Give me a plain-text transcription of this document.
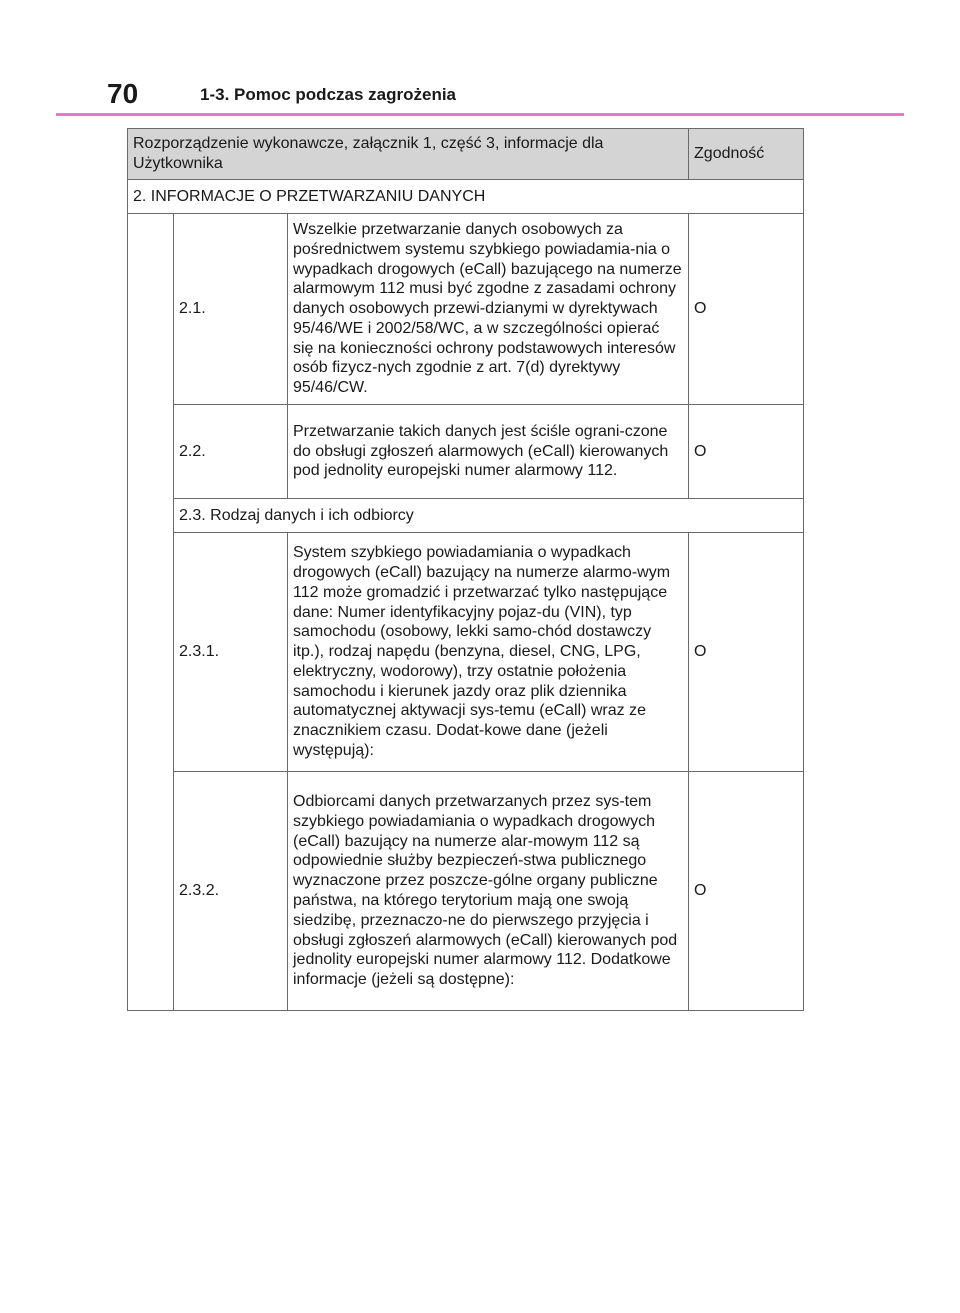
70	1-3. Pomoc podczas zagrożenia
Rozporządzenie wykonawcze, załącznik 1, część 3, informacje dla Użytkownika			Zgodność
2. INFORMACJE O PRZETWARZANIU DANYCH			
	2.1.	Wszelkie przetwarzanie danych osobowych za pośrednictwem systemu szybkiego powiadamia-nia o wypadkach drogowych (eCall) bazującego na numerze alarmowym 112 musi być zgodne z zasadami ochrony danych osobowych przewi-dzianymi w dyrektywach 95/46/WE i 2002/58/WC, a w szczególności opierać się na konieczności ochrony podstawowych interesów osób fizycz-nych zgodnie z art. 7(d) dyrektywy 95/46/CW.	O
	2.2.	Przetwarzanie takich danych jest ściśle ograni-czone do obsługi zgłoszeń alarmowych (eCall) kierowanych pod jednolity europejski numer alarmowy 112.	O
	2.3. Rodzaj danych i ich odbiorcy		
	2.3.1.	System szybkiego powiadamiania o wypadkach drogowych (eCall) bazujący na numerze alarmo-wym 112 może gromadzić i przetwarzać tylko następujące dane: Numer identyfikacyjny pojaz-du (VIN), typ samochodu (osobowy, lekki samo-chód dostawczy itp.), rodzaj napędu (benzyna, diesel, CNG, LPG, elektryczny, wodorowy), trzy ostatnie położenia samochodu i kierunek jazdy oraz plik dziennika automatycznej aktywacji sys-temu (eCall) wraz ze znacznikiem czasu. Dodat-kowe dane (jeżeli występują):	O
	2.3.2.	Odbiorcami danych przetwarzanych przez sys-tem szybkiego powiadamiania o wypadkach drogowych (eCall) bazujący na numerze alar-mowym 112 są odpowiednie służby bezpieczeń-stwa publicznego wyznaczone przez poszcze-gólne organy publiczne państwa, na którego terytorium mają one swoją siedzibę, przeznaczo-ne do pierwszego przyjęcia i obsługi zgłoszeń alarmowych (eCall) kierowanych pod jednolity europejski numer alarmowy 112. Dodatkowe informacje (jeżeli są dostępne):	O
